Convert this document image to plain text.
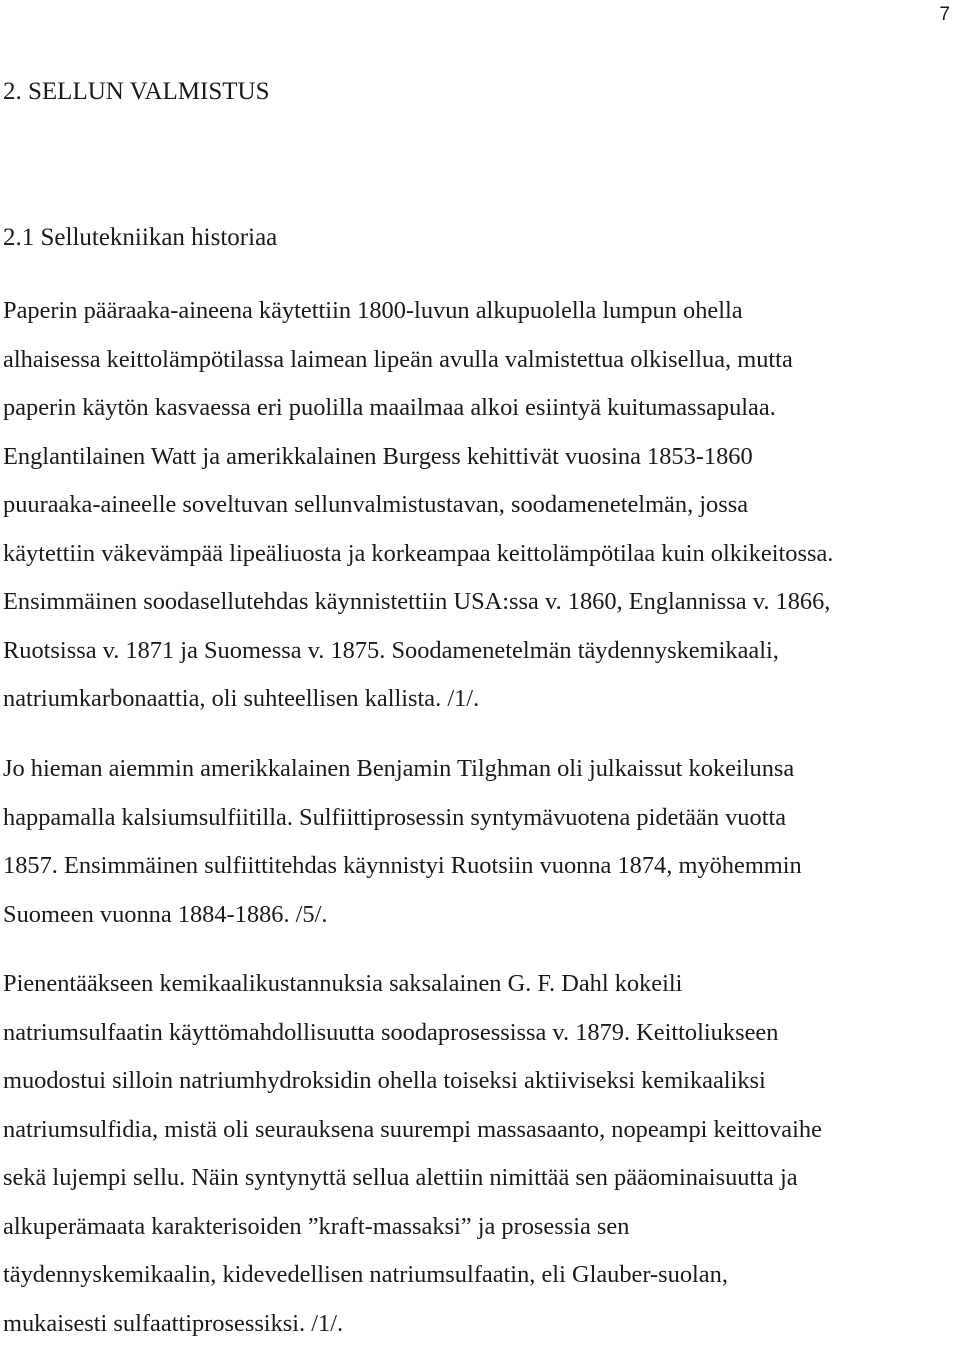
7
2. SELLUN VALMISTUS
2.1 Sellutekniikan historiaa

Paperin pääraaka-aineena käytettiin 1800-luvun alkupuolella lumpun ohella
alhaisessa keittolämpötilassa laimean lipeän avulla valmistettua olkisellua, mutta
paperin käytön kasvaessa eri puolilla maailmaa alkoi esiintyä kuitumassapulaa.
Englantilainen Watt ja amerikkalainen Burgess kehittivät vuosina 1853-1860
puuraaka-aineelle soveltuvan sellunvalmistustavan, soodamenetelmän, jossa
käytettiin väkevämpää lipeäliuosta ja korkeampaa keittolämpötilaa kuin olkikeitossa.
Ensimmäinen soodasellutehdas käynnistettiin USA:ssa v. 1860, Englannissa v. 1866,
Ruotsissa v. 1871 ja Suomessa v. 1875. Soodamenetelmän täydennyskemikaali,
natriumkarbonaattia, oli suhteellisen kallista. /1/.

Jo hieman aiemmin amerikkalainen Benjamin Tilghman oli julkaissut kokeilunsa
happamalla kalsiumsulfiitilla. Sulfiittiprosessin syntymävuotena pidetään vuotta
1857. Ensimmäinen sulfiittitehdas käynnistyi Ruotsiin vuonna 1874, myöhemmin
Suomeen vuonna 1884-1886. /5/.

Pienentääkseen kemikaalikustannuksia saksalainen G. F. Dahl kokeili
natriumsulfaatin käyttömahdollisuutta soodaprosessissa v. 1879. Keittoliukseen
muodostui silloin natriumhydroksidin ohella toiseksi aktiiviseksi kemikaaliksi
natriumsulfidia, mistä oli seurauksena suurempi massasaanto, nopeampi keittovaihe
sekä lujempi sellu. Näin syntynyttä sellua alettiin nimittää sen pääominaisuutta ja
alkuperämaata karakterisoiden ”kraft-massaksi” ja prosessia sen
täydennyskemikaalin, kidevedellisen natriumsulfaatin, eli Glauber-suolan,
mukaisesti sulfaattiprosessiksi. /1/.
